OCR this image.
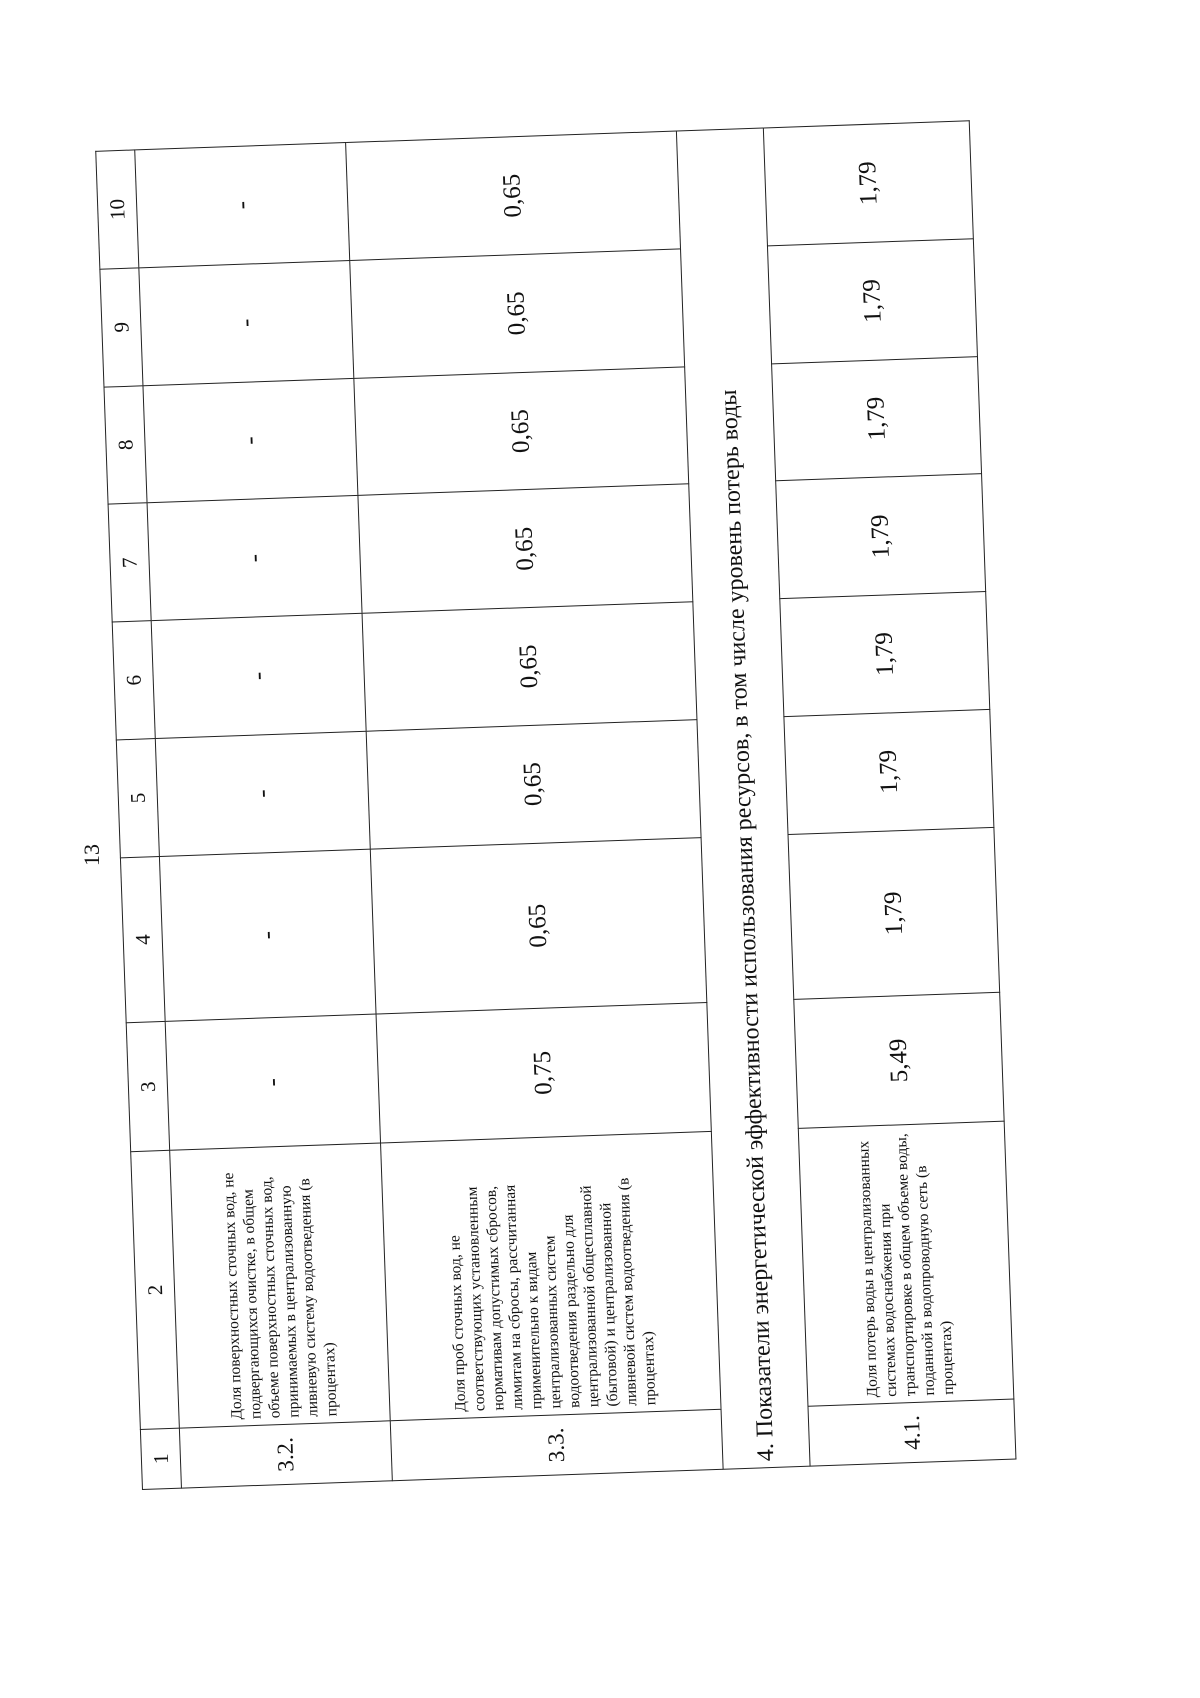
13
1	2	3	4	5	6	7	8	9	10
3.2.	Доля поверхностных сточных вод, не подвергающихся очистке, в общем объеме поверхностных сточных вод, принимаемых в централизованную ливневую систему водоотведения (в процентах)	-	-	-	-	-	-	-	-
3.3.	Доля проб сточных вод, не соответствующих установленным нормативам допустимых сбросов, лимитам на сбросы, рассчитанная применительно к видам централизованных систем водоотведения раздельно для централизованной общесплавной (бытовой) и централизованной ливневой систем водоотведения (в процентах)	0,75	0,65	0,65	0,65	0,65	0,65	0,65	0,65
4. Показатели энергетической эффективности использования ресурсов, в том числе уровень потерь воды									
4.1.	Доля потерь воды в централизованных системах водоснабжения при транспортировке в общем объеме воды, поданной в водопроводную сеть (в процентах)	5,49	1,79	1,79	1,79	1,79	1,79	1,79	1,79
